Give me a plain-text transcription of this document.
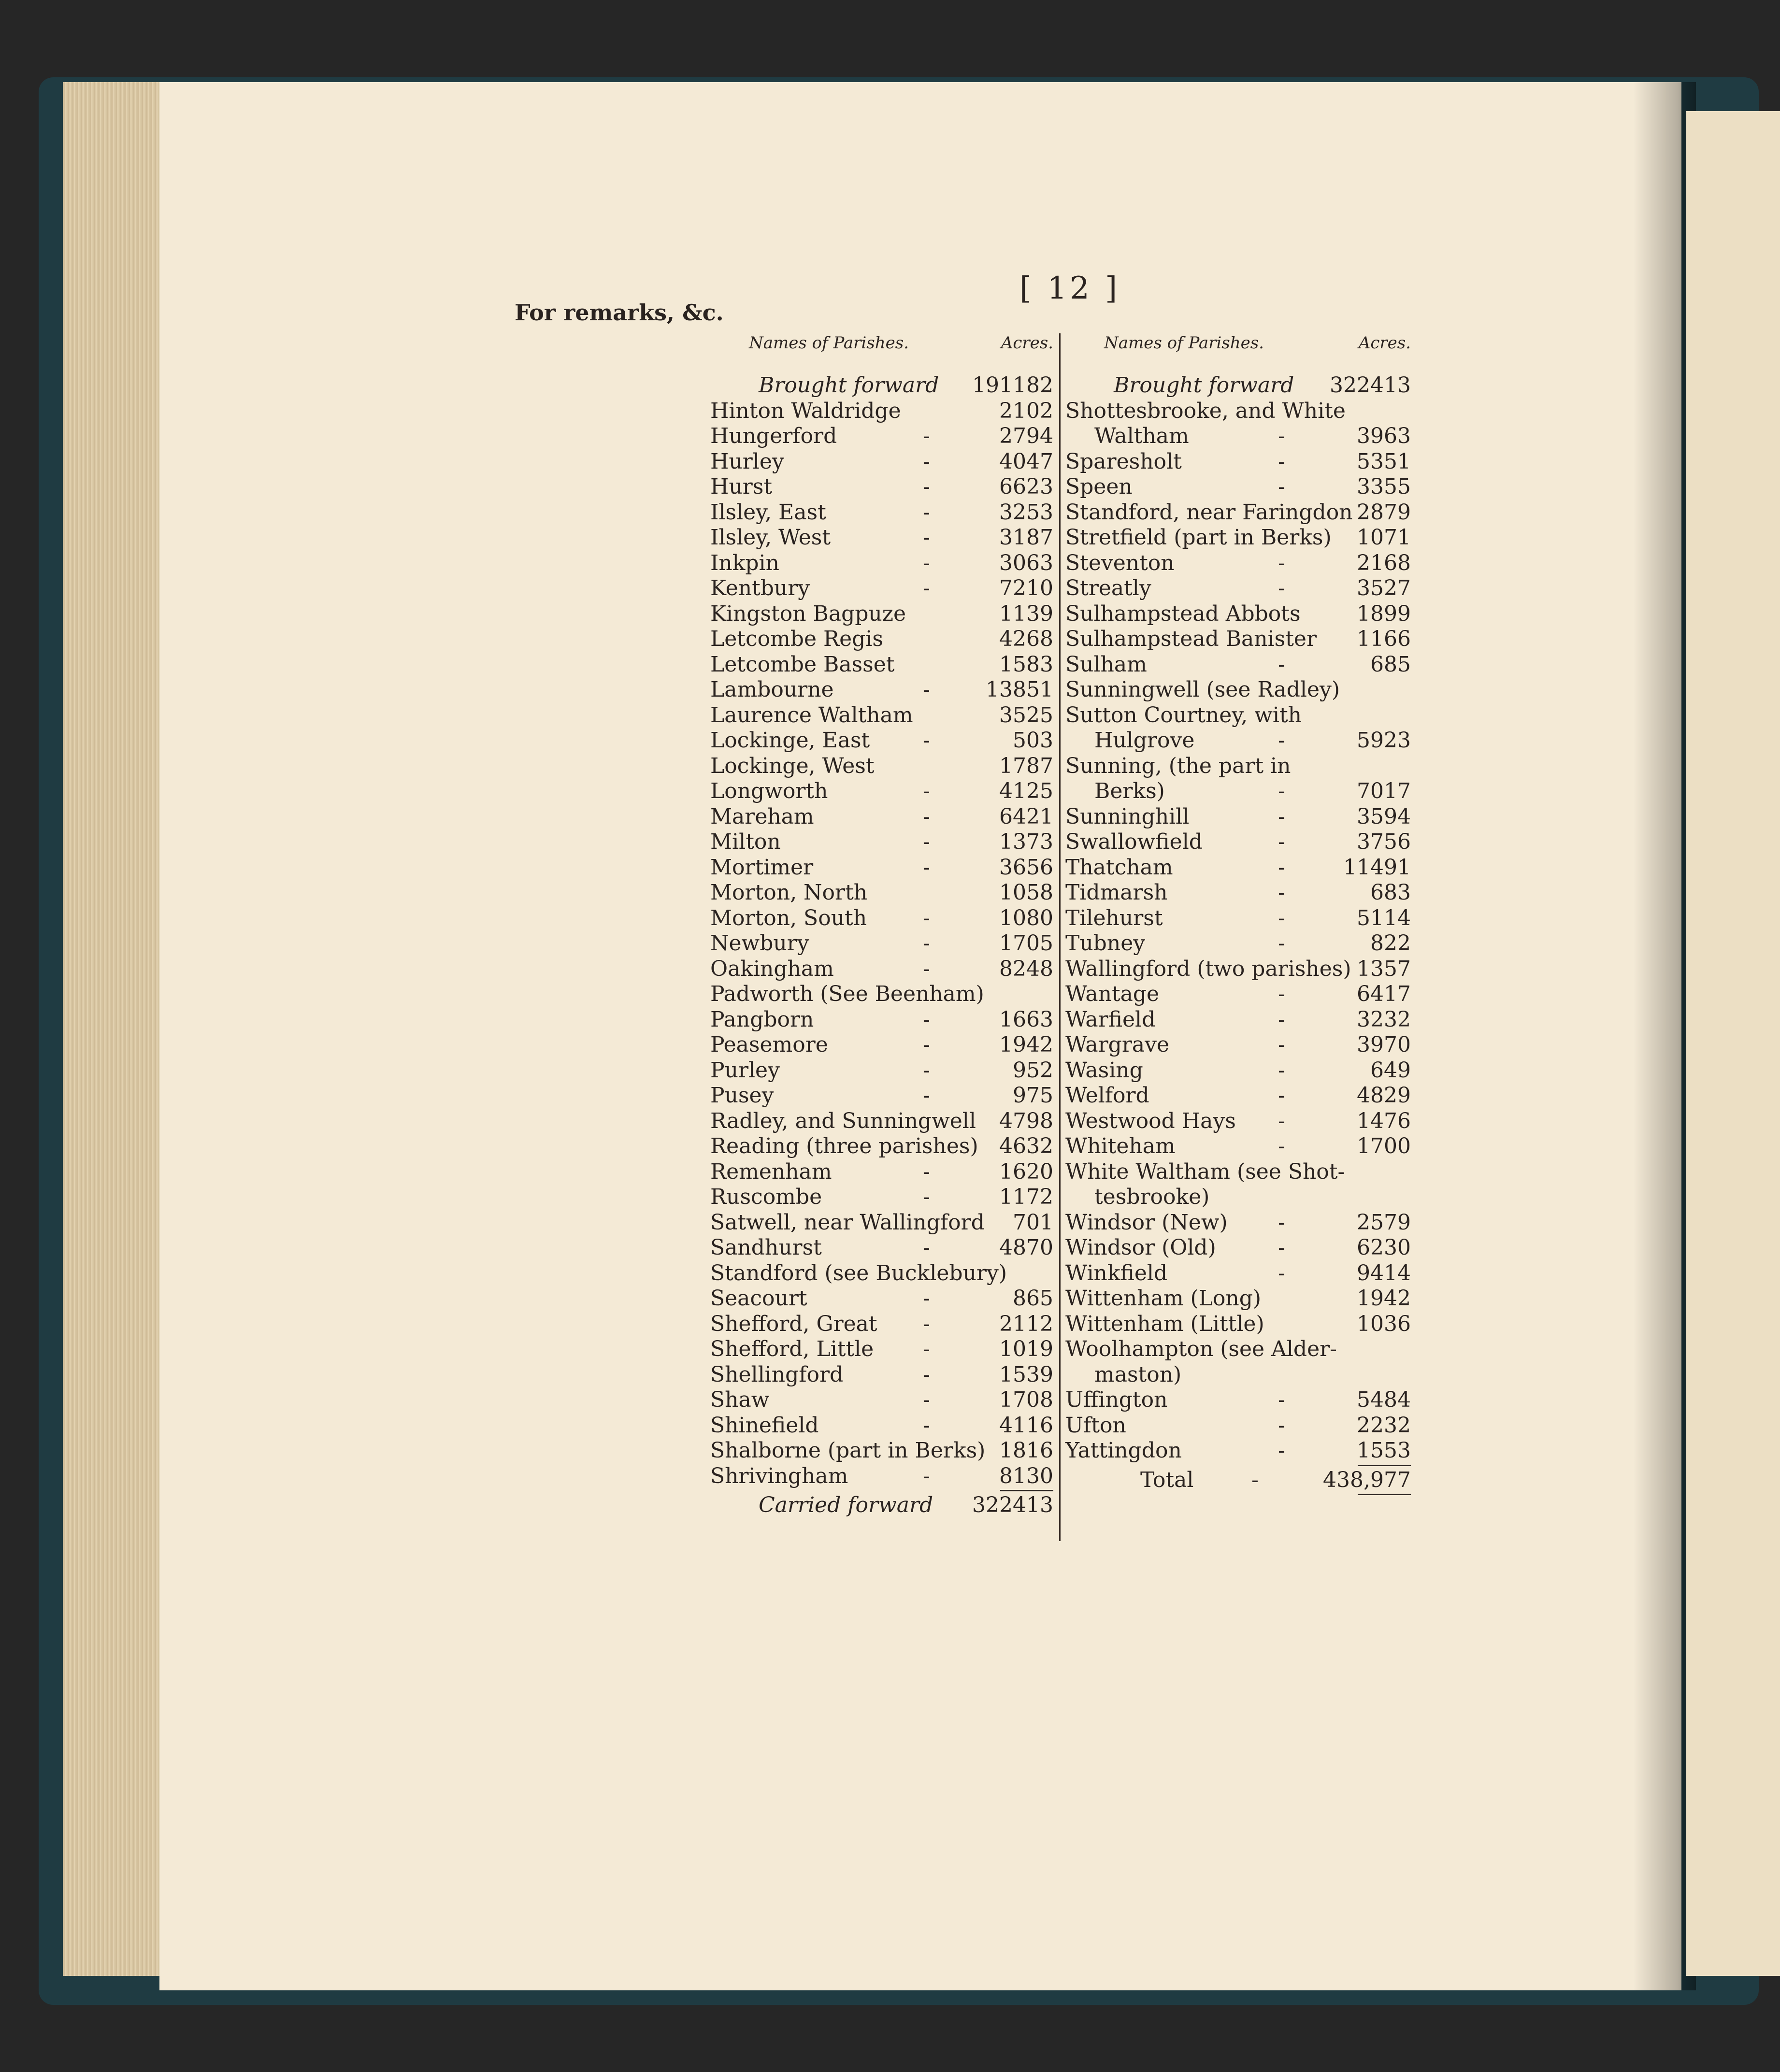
For remarks, &c.
[ 12 ]
Names of Parishes.	Acres.
Brought forward 191182
Hinton Waldridge	2102
Hungerford	-	2794
Hurley	-	4047
Hurst	-	6623
Ilsley, East	-	3253
Ilsley, West	-	3187
Inkpin	-	3063
Kentbury	-	7210
Kingston Bagpuze	1139
Letcombe Regis	4268
Letcombe Basset	1583
Lambourne	-	13851
Laurence Waltham	3525
Lockinge, East -	503
Lockinge, West	1787
Longworth	-	4125
Mareham	-	6421
Milton	-	1373
Mortimer	-	3656
Morton, North	1058
Morton, South	-	1080
Newbury	-	1705
Oakingham	-	8248
Padworth (See Beenham)
Pangborn	-	1663
Peasemore	-	1942
Purley	-	952
Pusey	-	975
Radley, and Sunningwell 4798
Reading (three parishes) 4632
Remenham	-	1620
Ruscombe	-	1172
Satwell, near Wallingford 701
Sandhurst	-	4870
Standford (see Bucklebury)
Seacourt	-	865
Shefford, Great -	2112
Shefford, Little -	1019
Shellingford	-	1539
Shaw	-	1708
Shinefield	-	4116
Shalborne (part in Berks) 1816
Shrivingham	-	8130
Carried forward 322413
Names of Parishes.	Acres.
Brought forward 322413
Shottesbrooke, and White
Waltham	-	3963
Sparesholt	-	5351
Speen	-	3355
Standford, near Faringdon 2879
Stretfield (part in Berks) 1071
Steventon	-	2168
Streatly	-	3527
Sulhampstead Abbots	1899
Sulhampstead Banister 1166
Sulham	-	685
Sunningwell (see Radley)
Sutton Courtney, with
Hulgrove	-	5923
Sunning, (the part in
Berks)	-	7017
Sunninghill	-	3594
Swallowfield	-	3756
Thatcham	-	11491
Tidmarsh	-	683
Tilehurst	-	5114
Tubney	-	822
Wallingford (two parishes) 1357
Wantage	-	6417
Warfield	-	3232
Wargrave	-	3970
Wasing	-	649
Welford	-	4829
Westwood Hays -	1476
Whiteham	-	1700
White Waltham (see Shot-
tesbrooke)
Windsor (New) -	2579
Windsor (Old)	-	6230
Winkfield	-	9414
Wittenham (Long)	1942
Wittenham (Little)	1036
Woolhampton (see Alder-
maston)
Uffington	-	5484
Ufton	-	2232
Yattingdon	-	1553
Total	-	438,977
